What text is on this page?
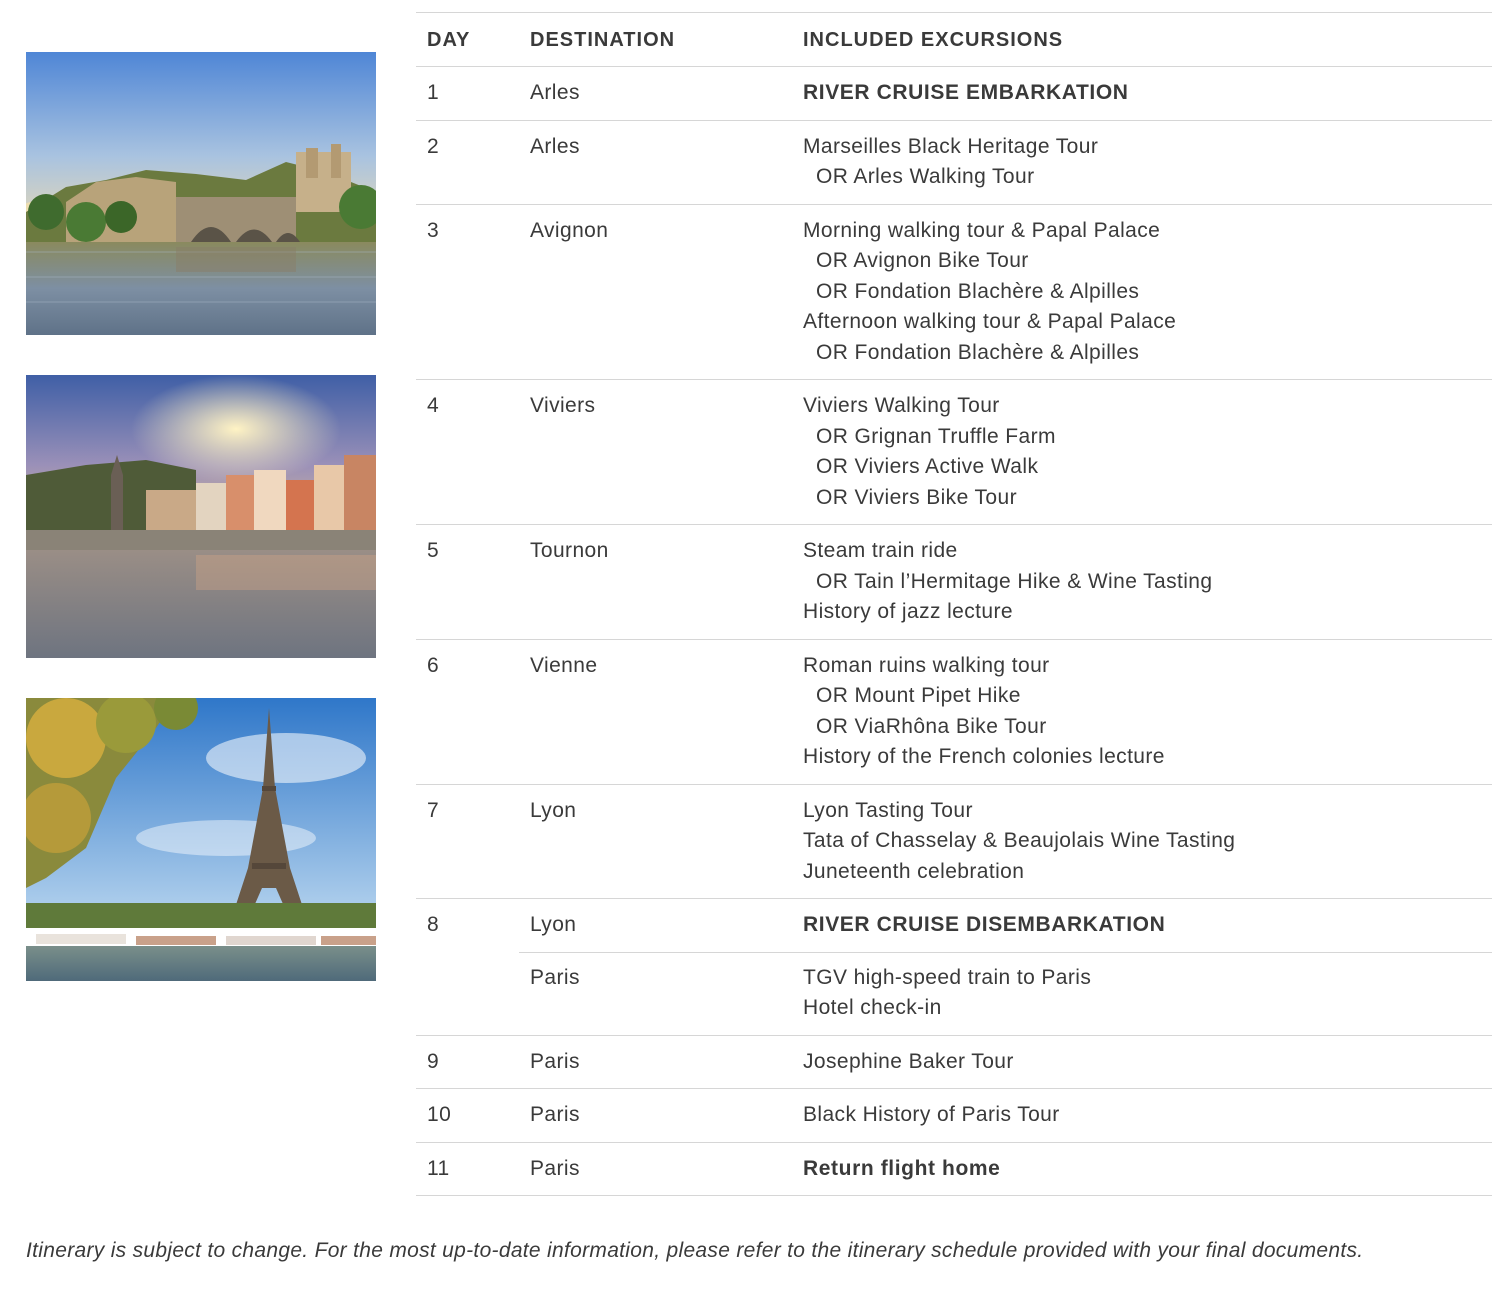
DAY	DESTINATION	INCLUDED EXCURSIONS
1	Arles	RIVER CRUISE EMBARKATION
2	Arles	Marseilles Black Heritage Tour
OR Arles Walking Tour
3	Avignon	Morning walking tour & Papal Palace
OR Avignon Bike Tour
OR Fondation Blachère & Alpilles
Afternoon walking tour & Papal Palace
OR Fondation Blachère & Alpilles
4	Viviers	Viviers Walking Tour
OR Grignan Truffle Farm
OR Viviers Active Walk
OR Viviers Bike Tour
5	Tournon	Steam train ride
OR Tain l’Hermitage Hike & Wine Tasting
History of jazz lecture
6	Vienne	Roman ruins walking tour
OR Mount Pipet Hike
OR ViaRhôna Bike Tour
History of the French colonies lecture
7	Lyon	Lyon Tasting Tour
Tata of Chasselay & Beaujolais Wine Tasting
Juneteenth celebration
8	Lyon	RIVER CRUISE DISEMBARKATION
Paris	TGV high-speed train to Paris
Hotel check-in
9	Paris	Josephine Baker Tour
10	Paris	Black History of Paris Tour
11	Paris	Return flight home
Itinerary is subject to change. For the most up-to-date information, please refer to the itinerary schedule provided with your final documents.
